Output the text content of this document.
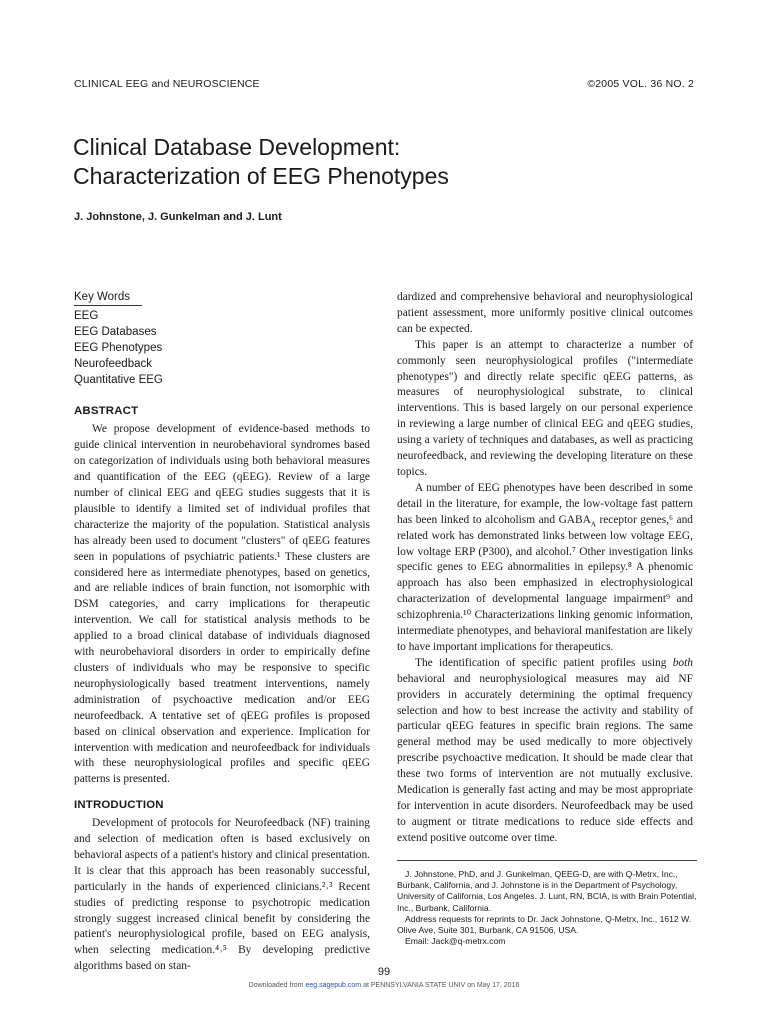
CLINICAL EEG and NEUROSCIENCE	©2005 VOL. 36 NO. 2
Clinical Database Development:
Characterization of EEG Phenotypes
J. Johnstone, J. Gunkelman and J. Lunt
Key Words
EEG
EEG Databases
EEG Phenotypes
Neurofeedback
Quantitative EEG
ABSTRACT

We propose development of evidence-based methods to guide clinical intervention in neurobehavioral syndromes based on categorization of individuals using both behavioral measures and quantification of the EEG (qEEG). Review of a large number of clinical EEG and qEEG studies suggests that it is plausible to identify a limited set of individual profiles that characterize the majority of the population. Statistical analysis has already been used to document "clusters" of qEEG features seen in populations of psychiatric patients.¹ These clusters are considered here as intermediate phenotypes, based on genetics, and are reliable indices of brain function, not isomorphic with DSM categories, and carry implications for therapeutic intervention. We call for statistical analysis methods to be applied to a broad clinical database of individuals diagnosed with neurobehavioral disorders in order to empirically define clusters of individuals who may be responsive to specific neurophysiologically based treatment interventions, namely administration of psychoactive medication and/or EEG neurofeedback. A tentative set of qEEG profiles is proposed based on clinical observation and experience. Implication for intervention with medication and neurofeedback for individuals with these neurophysiological profiles and specific qEEG patterns is presented.

INTRODUCTION

Development of protocols for Neurofeedback (NF) training and selection of medication often is based exclusively on behavioral aspects of a patient's history and clinical presentation. It is clear that this approach has been reasonably successful, particularly in the hands of experienced clinicians.²˒³ Recent studies of predicting response to psychotropic medication strongly suggest increased clinical benefit by considering the patient's neurophysiological profile, based on EEG analysis, when selecting medication.⁴˒⁵ By developing predictive algorithms based on stan-

dardized and comprehensive behavioral and neurophysiological patient assessment, more uniformly positive clinical outcomes can be expected.

This paper is an attempt to characterize a number of commonly seen neurophysiological profiles ("intermediate phenotypes") and directly relate specific qEEG patterns, as measures of neurophysiological substrate, to clinical interventions. This is based largely on our personal experience in reviewing a large number of clinical EEG and qEEG studies, using a variety of techniques and databases, as well as practicing neurofeedback, and reviewing the developing literature on these topics.

A number of EEG phenotypes have been described in some detail in the literature, for example, the low-voltage fast pattern has been linked to alcoholism and $GABA_A$ receptor genes,⁶ and related work has demonstrated links between low voltage EEG, low voltage ERP (P300), and alcohol.⁷ Other investigation links specific genes to EEG abnormalities in epilepsy.⁸ A phenomic approach has also been emphasized in electrophysiological characterization of developmental language impairment⁹ and schizophrenia.¹⁰ Characterizations linking genomic information, intermediate phenotypes, and behavioral manifestation are likely to have important implications for therapeutics.

The identification of specific patient profiles using both behavioral and neurophysiological measures may aid NF providers in accurately determining the optimal frequency selection and how to best increase the activity and stability of particular qEEG features in specific brain regions. The same general method may be used medically to more objectively prescribe psychoactive medication. It should be made clear that these two forms of intervention are not mutually exclusive. Medication is generally fast acting and may be most appropriate for intervention in acute disorders. Neurofeedback may be used to augment or titrate medications to reduce side effects and extend positive outcome over time.

J. Johnstone, PhD, and J. Gunkelman, QEEG-D, are with Q-Metrx, Inc., Burbank, California, and J. Johnstone is in the Department of Psychology, University of California, Los Angeles. J. Lunt, RN, BCIA, is with Brain Potential, Inc., Burbank, California.

Address requests for reprints to Dr. Jack Johnstone, Q-Metrx, Inc., 1612 W. Olive Ave, Suite 301, Burbank, CA 91506, USA.

Email: Jack@q-metrx.com

99
Downloaded from eeg.sagepub.com at PENNSYLVANIA STATE UNIV on May 17, 2016
